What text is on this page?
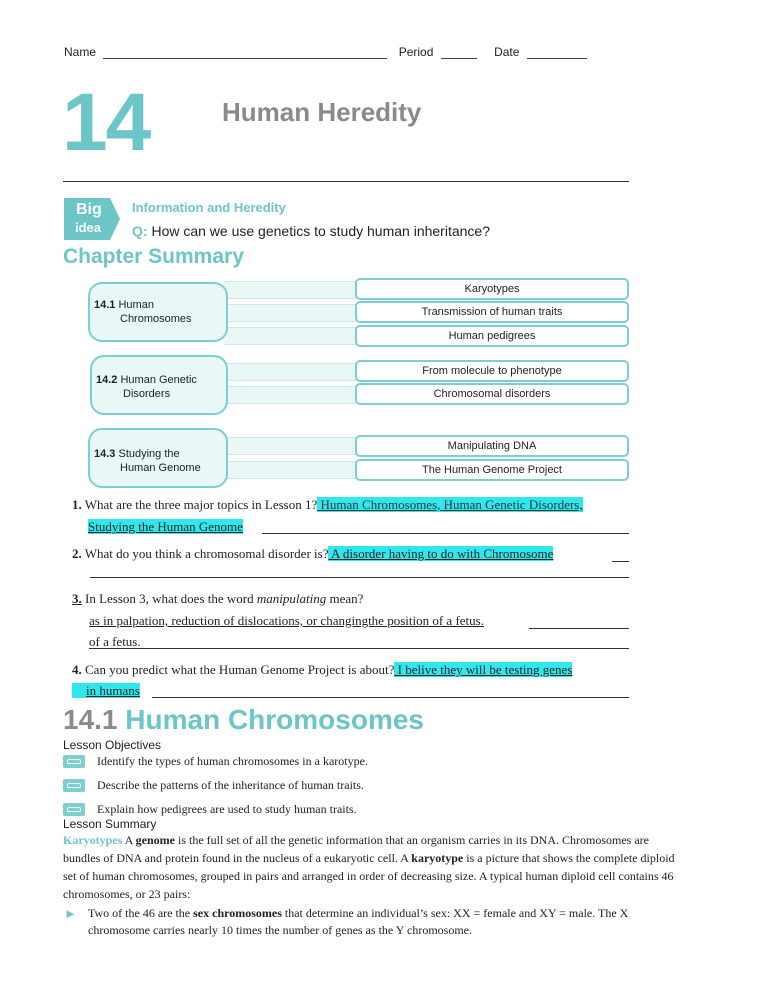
Name	Period	Date
14	Human Heredity
Big
idea
Information and Heredity
Q: How can we use genetics to study human inheritance?
Chapter Summary
14.1 Human
Chromosomes
14.2 Human Genetic
Disorders
14.3 Studying the
Human Genome
Karyotypes
Transmission of human traits
Human pedigrees
From molecule to phenotype
Chromosomal disorders
Manipulating DNA
The Human Genome Project
1. What are the three major topics in Lesson 1? Human Chromosomes, Human Genetic Disorders,
Studying the Human Genome
2. What do you think a chromosomal disorder is? A disorder having to do with Chromosome
3. In Lesson 3, what does the word manipulating mean?
as in palpation, reduction of dislocations, or changingthe position of a fetus.
of a fetus.
4. Can you predict what the Human Genome Project is about? I belive they will be testing genes
in humans
14.1 Human Chromosomes
Lesson Objectives
Identify the types of human chromosomes in a karotype.
Describe the patterns of the inheritance of human traits.
Explain how pedigrees are used to study human traits.
Lesson Summary
Karyotypes A genome is the full set of all the genetic information that an organism carries in its DNA. Chromosomes are bundles of DNA and protein found in the nucleus of a eukaryotic cell. A karyotype is a picture that shows the complete diploid set of human chromosomes, grouped in pairs and arranged in order of decreasing size. A typical human diploid cell contains 46 chromosomes, or 23 pairs:
► Two of the 46 are the sex chromosomes that determine an individual’s sex: XX = female and XY = male. The X chromosome carries nearly 10 times the number of genes as the Y chromosome.
